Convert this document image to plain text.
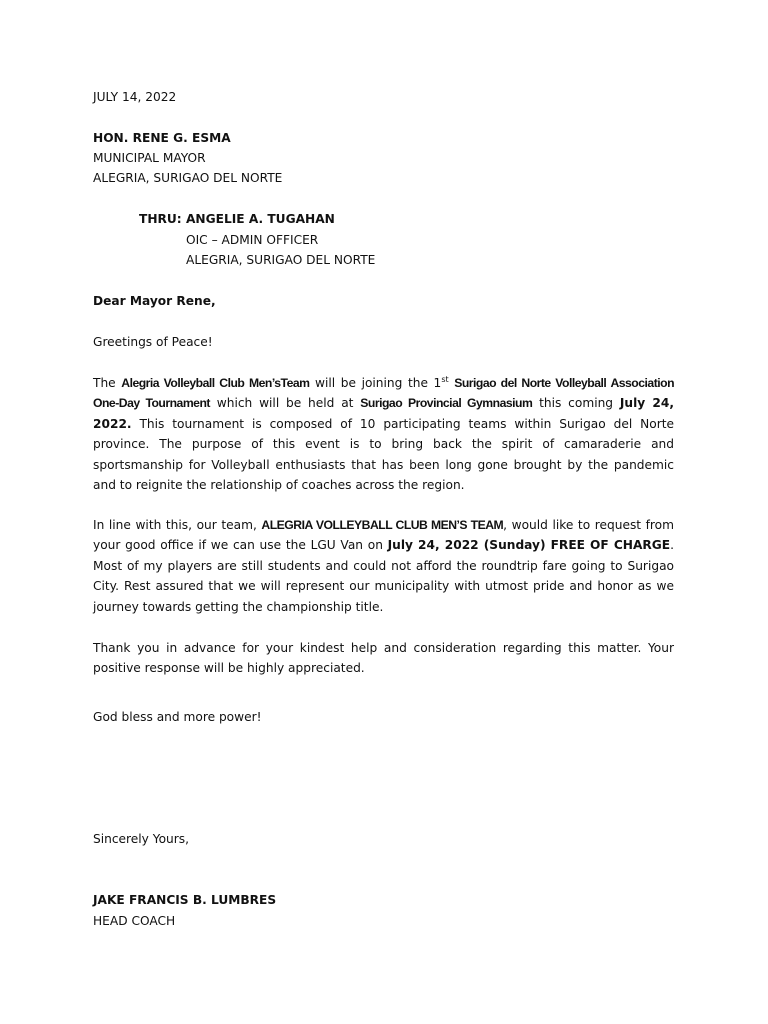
JULY 14, 2022
HON. RENE G. ESMA
MUNICIPAL MAYOR
ALEGRIA, SURIGAO DEL NORTE
THRU: ANGELIE A. TUGAHAN
OIC – ADMIN OFFICER
ALEGRIA, SURIGAO DEL NORTE
Dear Mayor Rene,
Greetings of Peace!

The Alegria Volleyball Club Men’sTeam will be joining the 1st Surigao del Norte Volleyball Association One-Day Tournament which will be held at Surigao Provincial Gymnasium this coming July 24, 2022. This tournament is composed of 10 participating teams within Surigao del Norte province. The purpose of this event is to bring back the spirit of camaraderie and sportsmanship for Volleyball enthusiasts that has been long gone brought by the pandemic and to reignite the relationship of coaches across the region.

In line with this, our team, ALEGRIA VOLLEYBALL CLUB MEN’S TEAM, would like to request from your good office if we can use the LGU Van on July 24, 2022 (Sunday) FREE OF CHARGE. Most of my players are still students and could not afford the roundtrip fare going to Surigao City. Rest assured that we will represent our municipality with utmost pride and honor as we journey towards getting the championship title.

Thank you in advance for your kindest help and consideration regarding this matter. Your positive response will be highly appreciated.

God bless and more power!
Sincerely Yours,
JAKE FRANCIS B. LUMBRES
HEAD COACH
